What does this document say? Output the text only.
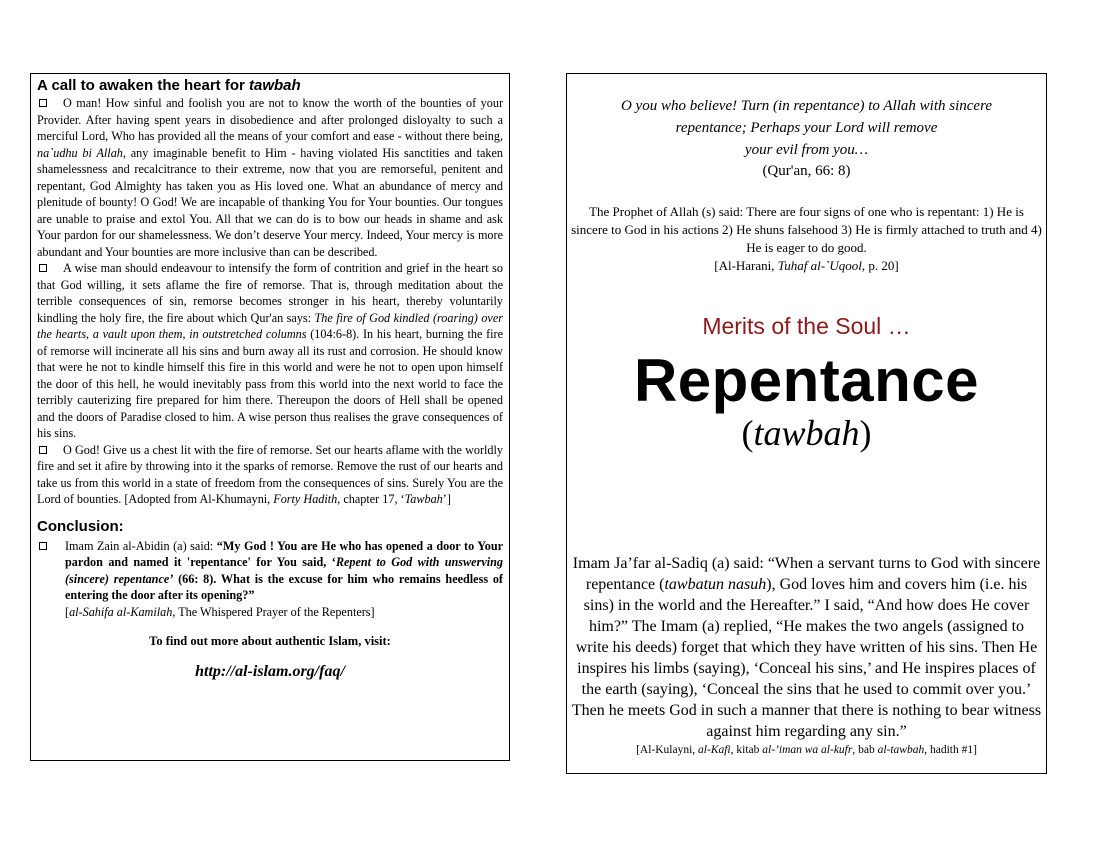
A call to awaken the heart for tawbah

O man! How sinful and foolish you are not to know the worth of the bounties of your Provider. After having spent years in disobedience and after prolonged disloyalty to such a merciful Lord, Who has provided all the means of your comfort and ease - without there being, na`udhu bi Allah, any imaginable benefit to Him - having violated His sanctities and taken shamelessness and recalcitrance to their extreme, now that you are remorseful, penitent and repentant, God Almighty has taken you as His loved one. What an abundance of mercy and plenitude of bounty! O God! We are incapable of thanking You for Your bounties. Our tongues are unable to praise and extol You. All that we can do is to bow our heads in shame and ask Your pardon for our shamelessness. We don’t deserve Your mercy. Indeed, Your mercy is more abundant and Your bounties are more inclusive than can be described.

A wise man should endeavour to intensify the form of contrition and grief in the heart so that God willing, it sets aflame the fire of remorse. That is, through meditation about the terrible consequences of sin, remorse becomes stronger in his heart, thereby voluntarily kindling the holy fire, the fire about which Qur'an says: The fire of God kindled (roaring) over the hearts, a vault upon them, in outstretched columns (104:6-8). In his heart, burning the fire of remorse will incinerate all his sins and burn away all its rust and corrosion. He should know that were he not to kindle himself this fire in this world and were he not to open upon himself the door of this hell, he would inevitably pass from this world into the next world to face the terribly cauterizing fire prepared for him there. Thereupon the doors of Hell shall be opened and the doors of Paradise closed to him. A wise person thus realises the grave consequences of his sins.

O God! Give us a chest lit with the fire of remorse. Set our hearts aflame with the worldly fire and set it afire by throwing into it the sparks of remorse. Remove the rust of our hearts and take us from this world in a state of freedom from the consequences of sins. Surely You are the Lord of bounties. [Adopted from Al-Khumayni, Forty Hadith, chapter 17, ‘Tawbah’]

Conclusion:
Imam Zain al-Abidin (a) said: “My God ! You are He who has opened a door to Your pardon and named it 'repentance' for You said, ‘Repent to God with unswerving (sincere) repentance’ (66: 8). What is the excuse for him who remains heedless of entering the door after its opening?”
[al-Sahifa al-Kamilah, The Whispered Prayer of the Repenters]
To find out more about authentic Islam, visit:
http://al-islam.org/faq/
O you who believe! Turn (in repentance) to Allah with sincere
repentance; Perhaps your Lord will remove
your evil from you…
(Qur'an, 66: 8)
The Prophet of Allah (s) said: There are four signs of one who is repentant: 1) He is sincere to God in his actions 2) He shuns falsehood 3) He is firmly attached to truth and 4) He is eager to do good.
[Al-Harani, Tuhaf al-`Uqool, p. 20]
Merits of the Soul …
Repentance
(tawbah)
Imam Ja’far al-Sadiq (a) said: “When a servant turns to God with sincere repentance (tawbatun nasuh), God loves him and covers him (i.e. his sins) in the world and the Hereafter.” I said, “And how does He cover him?” The Imam (a) replied, “He makes the two angels (assigned to write his deeds) forget that which they have written of his sins. Then He inspires his limbs (saying), ‘Conceal his sins,’ and He inspires places of the earth (saying), ‘Conceal the sins that he used to commit over you.’ Then he meets God in such a manner that there is nothing to bear witness against him regarding any sin.”
[Al-Kulayni, al-Kafi, kitab al-’iman wa al-kufr, bab al-tawbah, hadith #1]
